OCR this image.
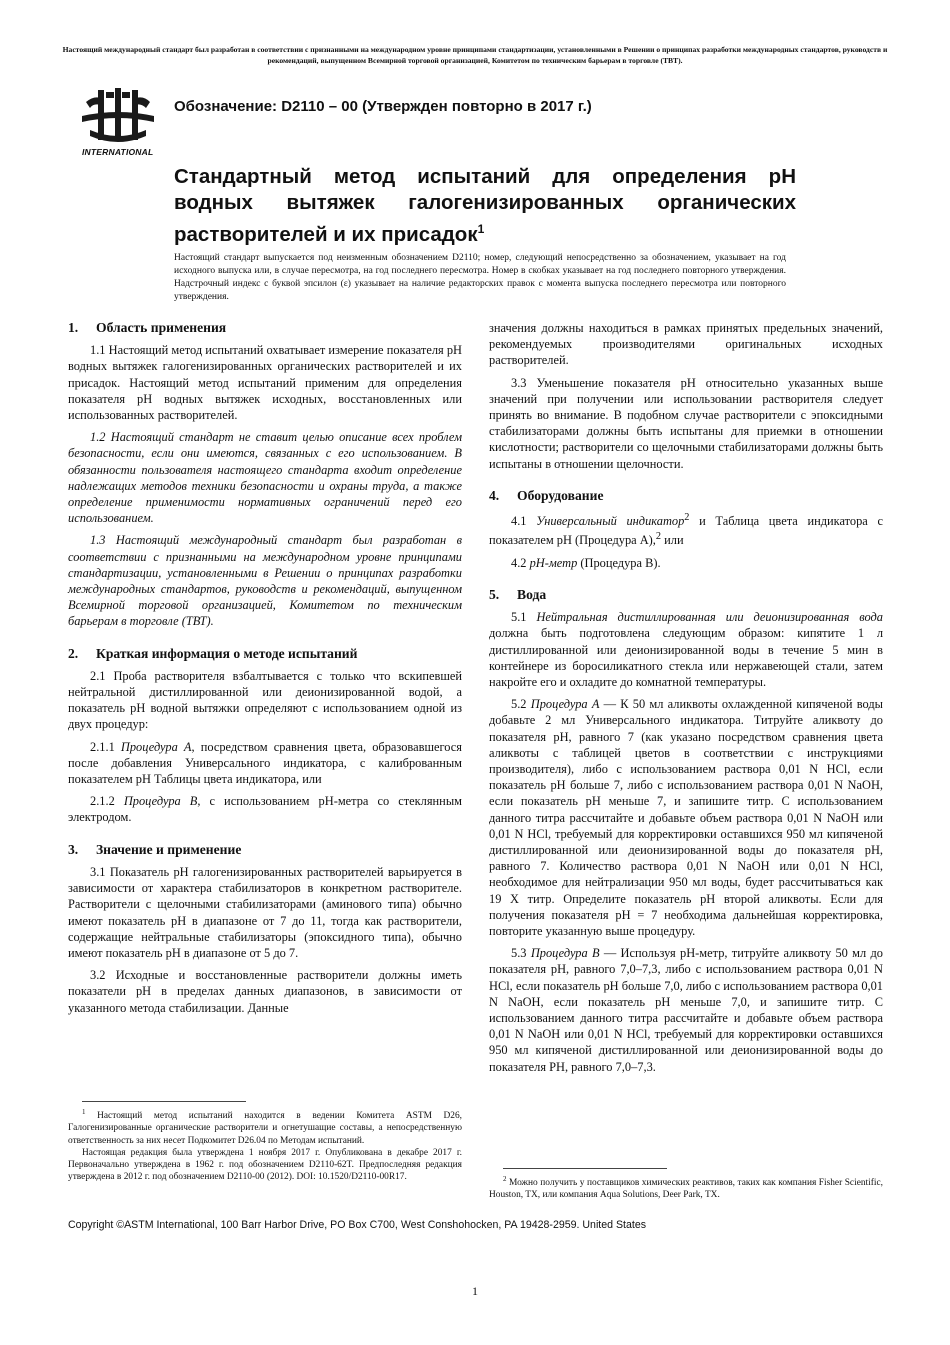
Настоящий международный стандарт был разработан в соответствии с признанными на международном уровне принципами стандартизации, установленными в Решении о принципах разработки международных стандартов, руководств и рекомендаций, выпущенном Всемирной торговой организацией, Комитетом по техническим барьерам в торговле (ТВТ).
INTERNATIONAL
Обозначение: D2110 – 00 (Утвержден повторно в 2017 г.)
Стандартный метод испытаний для определения pH водных вытяжек галогенизированных органических растворителей и их присадок$^1$
Настоящий стандарт выпускается под неизменным обозначением D2110; номер, следующий непосредственно за обозначением, указывает на год исходного выпуска или, в случае пересмотра, на год последнего пересмотра. Номер в скобках указывает на год последнего повторного утверждения. Надстрочный индекс с буквой эпсилон (ε) указывает на наличие редакторских правок с момента выпуска последнего пересмотра или повторного утверждения.
1. Область применения

1.1 Настоящий метод испытаний охватывает измерение показателя pH водных вытяжек галогенизированных органических растворителей и их присадок. Настоящий метод испытаний применим для определения показателя pH водных вытяжек исходных, восстановленных или использованных растворителей.

1.2 Настоящий стандарт не ставит целью описание всех проблем безопасности, если они имеются, связанных с его использованием. В обязанности пользователя настоящего стандарта входит определение надлежащих методов техники безопасности и охраны труда, а также определение применимости нормативных ограничений перед его использованием.

1.3 Настоящий международный стандарт был разработан в соответствии с признанными на международном уровне принципами стандартизации, установленными в Решении о принципах разработки международных стандартов, руководств и рекомендаций, выпущенном Всемирной торговой организацией, Комитетом по техническим барьерам в торговле (ТВТ).

2. Краткая информация о методе испытаний

2.1 Проба растворителя взбалтывается с только что вскипевшей нейтральной дистиллированной или деионизированной водой, а показатель pH водной вытяжки определяют с использованием одной из двух процедур:

2.1.1 Процедура A, посредством сравнения цвета, образовавшегося после добавления Универсального индикатора, с калиброванным показателем pH Таблицы цвета индикатора, или

2.1.2 Процедура B, с использованием pH-метра со стеклянным электродом.

3. Значение и применение

3.1 Показатель pH галогенизированных растворителей варьируется в зависимости от характера стабилизаторов в конкретном растворителе. Растворители с щелочными стабилизаторами (аминового типа) обычно имеют показатель pH в диапазоне от 7 до 11, тогда как растворители, содержащие нейтральные стабилизаторы (эпоксидного типа), обычно имеют показатель pH в диапазоне от 5 до 7.

3.2 Исходные и восстановленные растворители должны иметь показатели pH в пределах данных диапазонов, в зависимости от указанного метода стабилизации. Данные

$^1$ Настоящий метод испытаний находится в ведении Комитета ASTM D26, Галогенизированные органические растворители и огнетушащие составы, а непосредственную ответственность за них несет Подкомитет D26.04 по Методам испытаний.

Настоящая редакция была утверждена 1 ноября 2017 г. Опубликована в декабре 2017 г. Первоначально утверждена в 1962 г. под обозначением D2110-62T. Предпоследняя редакция утверждена в 2012 г. под обозначением D2110-00 (2012). DOI: 10.1520/D2110-00R17.

значения должны находиться в рамках принятых предельных значений, рекомендуемых производителями оригинальных исходных растворителей.

3.3 Уменьшение показателя pH относительно указанных выше значений при получении или использовании растворителя следует принять во внимание. В подобном случае растворители с эпоксидными стабилизаторами должны быть испытаны для приемки в отношении кислотности; растворители со щелочными стабилизаторами должны быть испытаны в отношении щелочности.

4. Оборудование

4.1 Универсальный индикатор$^2$ и Таблица цвета индикатора с показателем pH (Процедура A),$^2$ или

4.2 pH-метр (Процедура B).

5. Вода

5.1 Нейтральная дистиллированная или деионизированная вода должна быть подготовлена следующим образом: кипятите 1 л дистиллированной или деионизированной воды в течение 5 мин в контейнере из боросиликатного стекла или нержавеющей стали, затем накройте его и охладите до комнатной температуры.

5.2 Процедура A — К 50 мл аликвоты охлажденной кипяченой воды добавьте 2 мл Универсального индикатора. Титруйте аликвоту до показателя pH, равного 7 (как указано посредством сравнения цвета аликвоты с таблицей цветов в соответствии с инструкциями производителя), либо с использованием раствора 0,01 N HCl, если показатель pH больше 7, либо с использованием раствора 0,01 N NaOH, если показатель pH меньше 7, и запишите титр. С использованием данного титра рассчитайте и добавьте объем раствора 0,01 N NaOH или 0,01 N HCl, требуемый для корректировки оставшихся 950 мл кипяченой дистиллированной или деионизированной воды до показателя pH, равного 7. Количество раствора 0,01 N NaOH или 0,01 N HCl, необходимое для нейтрализации 950 мл воды, будет рассчитываться как 19 X титр. Определите показатель pH второй аликвоты. Если для получения показателя pH = 7 необходима дальнейшая корректировка, повторите указанную выше процедуру.

5.3 Процедура B — Используя pH-метр, титруйте аликвоту 50 мл до показателя pH, равного 7,0–7,3, либо с использованием раствора 0,01 N HCl, если показатель pH больше 7,0, либо с использованием раствора 0,01 N NaOH, если показатель pH меньше 7,0, и запишите титр. С использованием данного титра рассчитайте и добавьте объем раствора 0,01 N NaOH или 0,01 N HCl, требуемый для корректировки оставшихся 950 мл кипяченой дистиллированной или деионизированной воды до показателя PH, равного 7,0–7,3.

$^2$ Можно получить у поставщиков химических реактивов, таких как компания Fisher Scientific, Houston, TX, или компания Aqua Solutions, Deer Park, TX.

Copyright ©ASTM International, 100 Barr Harbor Drive, PO Box C700, West Conshohocken, PA 19428-2959. United States
1
